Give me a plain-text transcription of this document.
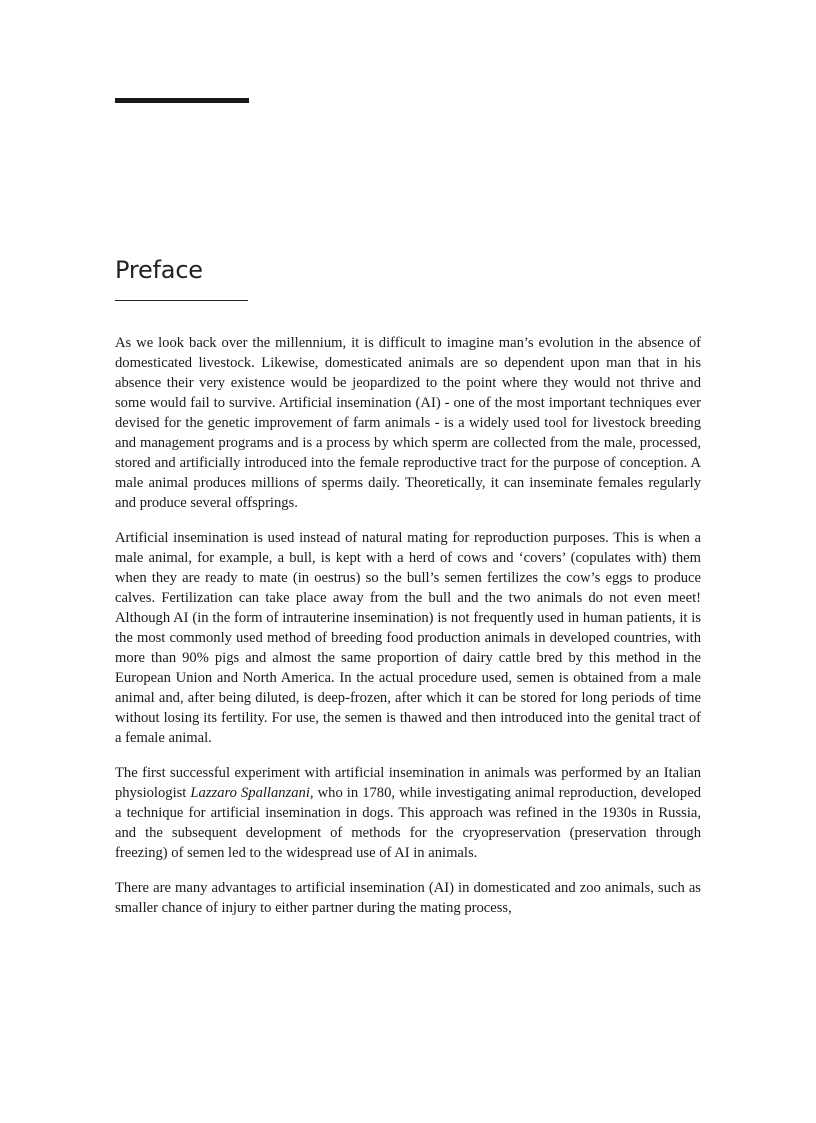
Preface

As we look back over the millennium, it is difficult to imagine man’s evolution in the absence of domesticated livestock. Likewise, domesticated animals are so dependent upon man that in his absence their very existence would be jeopardized to the point where they would not thrive and some would fail to survive. Artificial insemination (AI) - one of the most important techniques ever devised for the genetic improvement of farm animals - is a widely used tool for livestock breeding and management programs and is a process by which sperm are collected from the male, processed, stored and artificially introduced into the female reproductive tract for the purpose of conception. A male animal produces millions of sperms daily. Theoretically, it can inseminate females regularly and produce several offsprings.

Artificial insemination is used instead of natural mating for reproduction purposes. This is when a male animal, for example, a bull, is kept with a herd of cows and ‘covers’ (copulates with) them when they are ready to mate (in oestrus) so the bull’s semen fertilizes the cow’s eggs to produce calves. Fertilization can take place away from the bull and the two animals do not even meet! Although AI (in the form of intrauterine insemination) is not frequently used in human patients, it is the most commonly used method of breeding food production animals in developed countries, with more than 90% pigs and almost the same proportion of dairy cattle bred by this method in the European Union and North America. In the actual procedure used, semen is obtained from a male animal and, after being diluted, is deep-frozen, after which it can be stored for long periods of time without losing its fertility. For use, the semen is thawed and then introduced into the genital tract of a female animal.

The first successful experiment with artificial insemination in animals was performed by an Italian physiologist Lazzaro Spallanzani, who in 1780, while investigating animal reproduction, developed a technique for artificial insemination in dogs. This approach was refined in the 1930s in Russia, and the subsequent development of methods for the cryopreservation (preservation through freezing) of semen led to the widespread use of AI in animals.

There are many advantages to artificial insemination (AI) in domesticated and zoo animals, such as smaller chance of injury to either partner during the mating process,
